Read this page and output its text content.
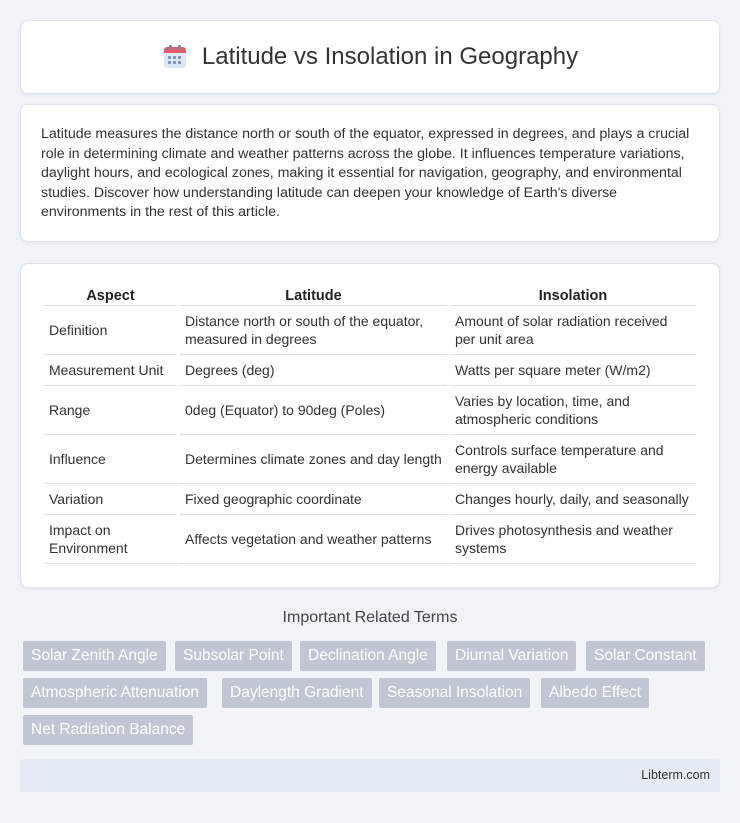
Latitude vs Insolation in Geography

Latitude measures the distance north or south of the equator, expressed in degrees, and plays a crucial role in determining climate and weather patterns across the globe. It influences temperature variations, daylight hours, and ecological zones, making it essential for navigation, geography, and environmental studies. Discover how understanding latitude can deepen your knowledge of Earth's diverse environments in the rest of this article.

Aspect	Latitude	Insolation
Definition	Distance north or south of the equator, measured in degrees	Amount of solar radiation received per unit area
Measurement Unit	Degrees (deg)	Watts per square meter (W/m2)
Range	0deg (Equator) to 90deg (Poles)	Varies by location, time, and atmospheric conditions
Influence	Determines climate zones and day length	Controls surface temperature and energy available
Variation	Fixed geographic coordinate	Changes hourly, daily, and seasonally
Impact on Environment	Affects vegetation and weather patterns	Drives photosynthesis and weather systems
Important Related Terms
Solar Zenith Angle	Subsolar Point	Declination Angle	Diurnal Variation	Solar Constant
Atmospheric Attenuation	Daylength Gradient	Seasonal Insolation	Albedo Effect
Net Radiation Balance
Libterm.com
